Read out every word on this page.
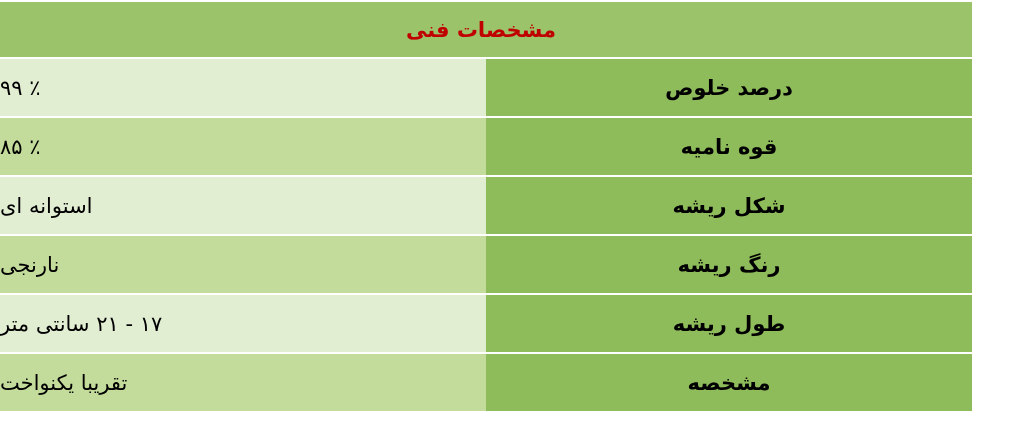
مشخصات فنی	
درصد خلوص	٪ ۹۹
قوه نامیه	٪ ۸۵
شکل ریشه	استوانه ای
رنگ ریشه	نارنجی
طول ریشه	۱۷ - ۲۱ سانتی متر
مشخصه	تقریبا یکنواخت
